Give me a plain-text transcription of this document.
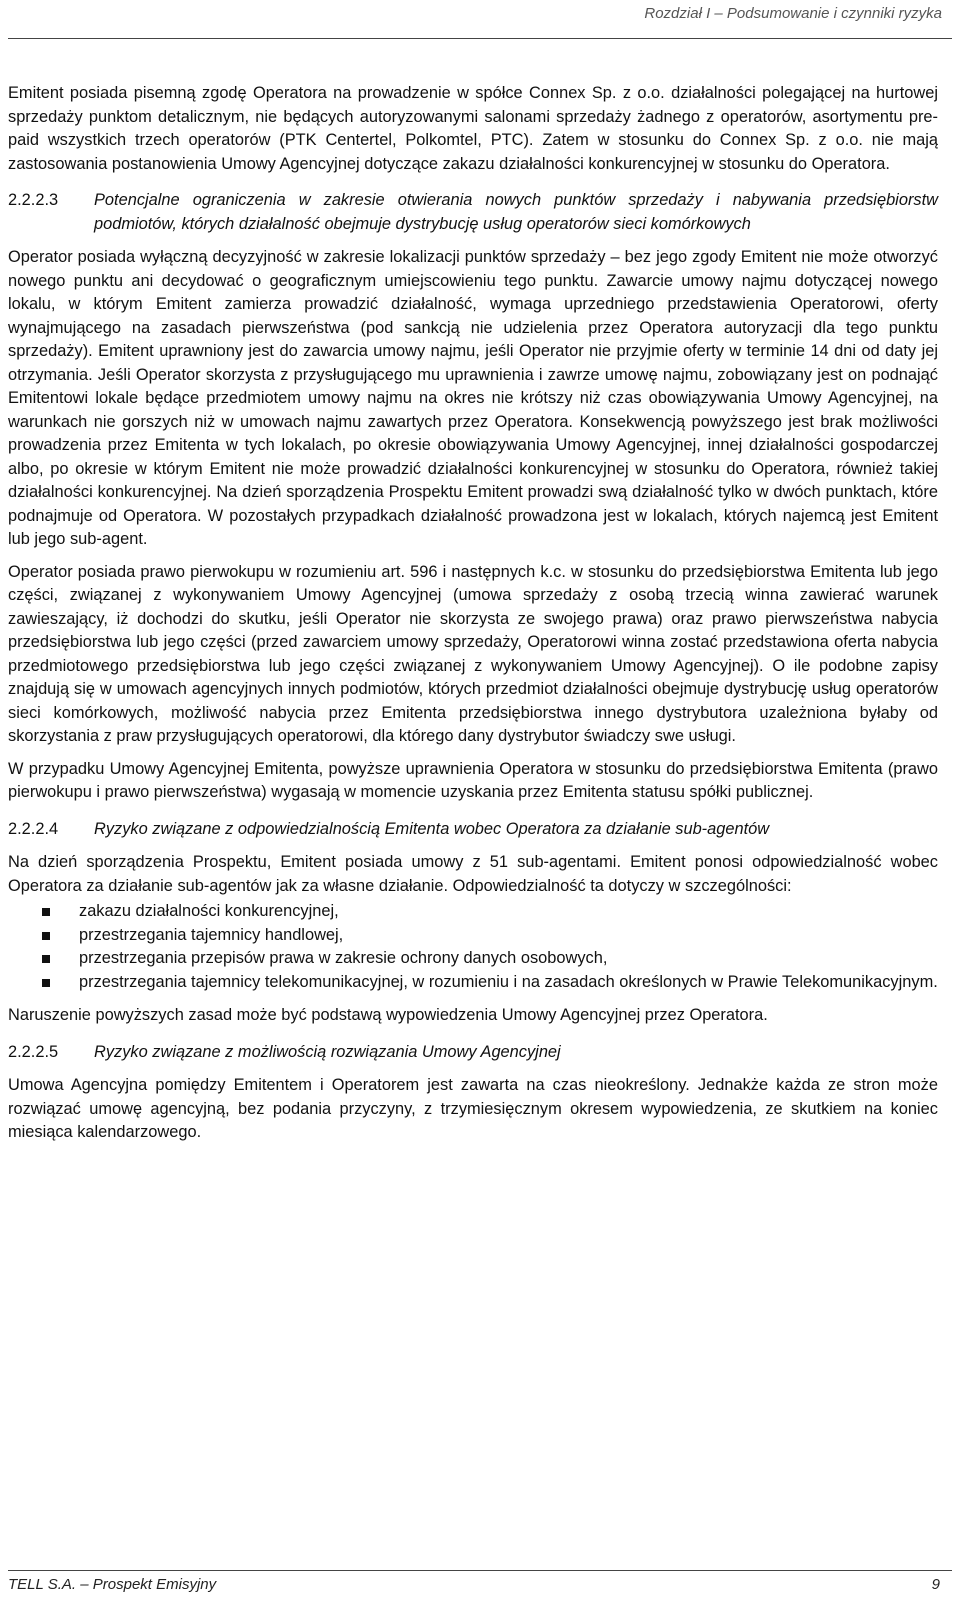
Rozdział I – Podsumowanie i czynniki ryzyka

Emitent posiada pisemną zgodę Operatora na prowadzenie w spółce Connex Sp. z o.o. działalności polegającej na hurtowej sprzedaży punktom detalicznym, nie będących autoryzowanymi salonami sprzedaży żadnego z operatorów, asortymentu pre-paid wszystkich trzech operatorów (PTK Centertel, Polkomtel, PTC). Zatem w stosunku do Connex Sp. z o.o. nie mają zastosowania postanowienia Umowy Agencyjnej dotyczące zakazu działalności konkurencyjnej w stosunku do Operatora.

2.2.2.3	Potencjalne ograniczenia w zakresie otwierania nowych punktów sprzedaży i nabywania przedsiębiorstw podmiotów, których działalność obejmuje dystrybucję usług operatorów sieci komórkowych

Operator posiada wyłączną decyzyjność w zakresie lokalizacji punktów sprzedaży – bez jego zgody Emitent nie może otworzyć nowego punktu ani decydować o geograficznym umiejscowieniu tego punktu. Zawarcie umowy najmu dotyczącej nowego lokalu, w którym Emitent zamierza prowadzić działalność, wymaga uprzedniego przedstawienia Operatorowi, oferty wynajmującego na zasadach pierwszeństwa (pod sankcją nie udzielenia przez Operatora autoryzacji dla tego punktu sprzedaży). Emitent uprawniony jest do zawarcia umowy najmu, jeśli Operator nie przyjmie oferty w terminie 14 dni od daty jej otrzymania. Jeśli Operator skorzysta z przysługującego mu uprawnienia i zawrze umowę najmu, zobowiązany jest on podnająć Emitentowi lokale będące przedmiotem umowy najmu na okres nie krótszy niż czas obowiązywania Umowy Agencyjnej, na warunkach nie gorszych niż w umowach najmu zawartych przez Operatora. Konsekwencją powyższego jest brak możliwości prowadzenia przez Emitenta w tych lokalach, po okresie obowiązywania Umowy Agencyjnej, innej działalności gospodarczej albo, po okresie w którym Emitent nie może prowadzić działalności konkurencyjnej w stosunku do Operatora, również takiej działalności konkurencyjnej. Na dzień sporządzenia Prospektu Emitent prowadzi swą działalność tylko w dwóch punktach, które podnajmuje od Operatora. W pozostałych przypadkach działalność prowadzona jest w lokalach, których najemcą jest Emitent lub jego sub-agent.

Operator posiada prawo pierwokupu w rozumieniu art. 596 i następnych k.c. w stosunku do przedsiębiorstwa Emitenta lub jego części, związanej z wykonywaniem Umowy Agencyjnej (umowa sprzedaży z osobą trzecią winna zawierać warunek zawieszający, iż dochodzi do skutku, jeśli Operator nie skorzysta ze swojego prawa) oraz prawo pierwszeństwa nabycia przedsiębiorstwa lub jego części (przed zawarciem umowy sprzedaży, Operatorowi winna zostać przedstawiona oferta nabycia przedmiotowego przedsiębiorstwa lub jego części związanej z wykonywaniem Umowy Agencyjnej). O ile podobne zapisy znajdują się w umowach agencyjnych innych podmiotów, których przedmiot działalności obejmuje dystrybucję usług operatorów sieci komórkowych, możliwość nabycia przez Emitenta przedsiębiorstwa innego dystrybutora uzależniona byłaby od skorzystania z praw przysługujących operatorowi, dla którego dany dystrybutor świadczy swe usługi.

W przypadku Umowy Agencyjnej Emitenta, powyższe uprawnienia Operatora w stosunku do przedsiębiorstwa Emitenta (prawo pierwokupu i prawo pierwszeństwa) wygasają w momencie uzyskania przez Emitenta statusu spółki publicznej.

2.2.2.4	Ryzyko związane z odpowiedzialnością Emitenta wobec Operatora za działanie sub-agentów

Na dzień sporządzenia Prospektu, Emitent posiada umowy z 51 sub-agentami. Emitent ponosi odpowiedzialność wobec Operatora za działanie sub-agentów jak za własne działanie. Odpowiedzialność ta dotyczy w szczególności:

zakazu działalności konkurencyjnej,
przestrzegania tajemnicy handlowej,
przestrzegania przepisów prawa w zakresie ochrony danych osobowych,
przestrzegania tajemnicy telekomunikacyjnej, w rozumieniu i na zasadach określonych w Prawie Telekomunikacyjnym.

Naruszenie powyższych zasad może być podstawą wypowiedzenia Umowy Agencyjnej przez Operatora.

2.2.2.5	Ryzyko związane z możliwością rozwiązania Umowy Agencyjnej

Umowa Agencyjna pomiędzy Emitentem i Operatorem jest zawarta na czas nieokreślony. Jednakże każda ze stron może rozwiązać umowę agencyjną, bez podania przyczyny, z trzymiesięcznym okresem wypowiedzenia, ze skutkiem na koniec miesiąca kalendarzowego.

TELL S.A. – Prospekt Emisyjny	9
